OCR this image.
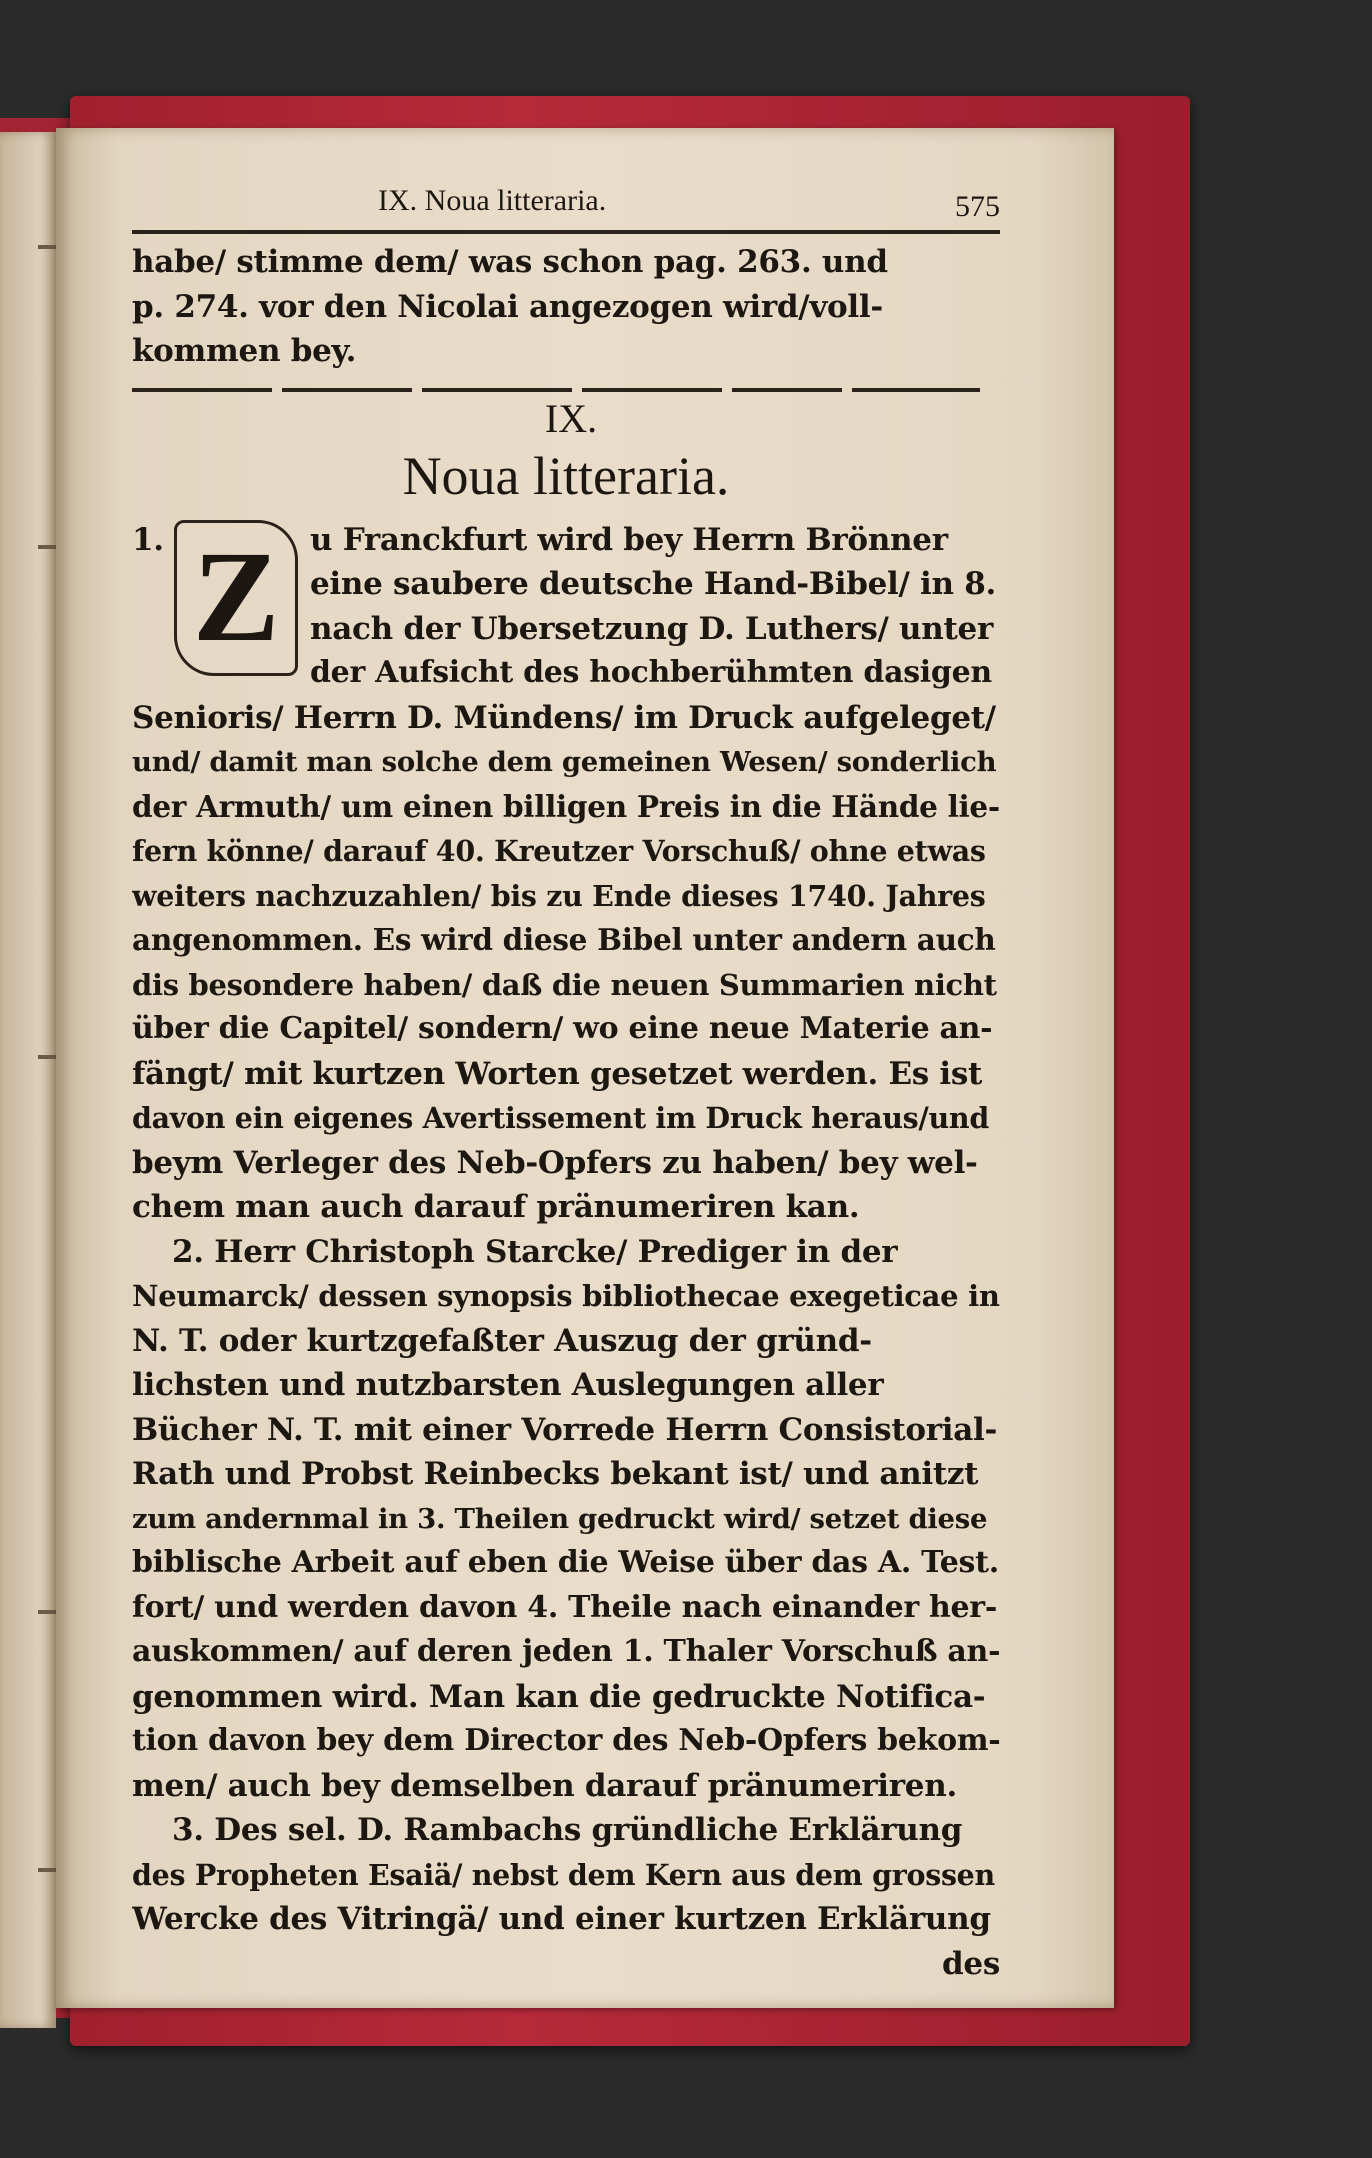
IX. Noua litteraria.	575
habe/ stimme dem/ was schon pag. 263. und
p. 274. vor den Nicolai angezogen wird/voll-
kommen bey.
IX.
Noua litteraria.
1. Z u Franckfurt wird bey Herrn Brönner
eine saubere deutsche Hand-Bibel/ in 8.
nach der Ubersetzung D. Luthers/ unter
der Aufsicht des hochberühmten dasigen
Senioris/ Herrn D. Mündens/ im Druck aufgeleget/
und/ damit man solche dem gemeinen Wesen/ sonderlich
der Armuth/ um einen billigen Preis in die Hände lie-
fern könne/ darauf 40. Kreutzer Vorschuß/ ohne etwas
weiters nachzuzahlen/ bis zu Ende dieses 1740. Jahres
angenommen. Es wird diese Bibel unter andern auch
dis besondere haben/ daß die neuen Summarien nicht
über die Capitel/ sondern/ wo eine neue Materie an-
fängt/ mit kurtzen Worten gesetzet werden. Es ist
davon ein eigenes Avertissement im Druck heraus/und
beym Verleger des Neb-Opfers zu haben/ bey wel-
chem man auch darauf pränumeriren kan.
2. Herr Christoph Starcke/ Prediger in der
Neumarck/ dessen synopsis bibliothecae exegeticae in
N. T. oder kurtzgefaßter Auszug der gründ-
lichsten und nutzbarsten Auslegungen aller
Bücher N. T. mit einer Vorrede Herrn Consistorial-
Rath und Probst Reinbecks bekant ist/ und anitzt
zum andernmal in 3. Theilen gedruckt wird/ setzet diese
biblische Arbeit auf eben die Weise über das A. Test.
fort/ und werden davon 4. Theile nach einander her-
auskommen/ auf deren jeden 1. Thaler Vorschuß an-
genommen wird. Man kan die gedruckte Notifica-
tion davon bey dem Director des Neb-Opfers bekom-
men/ auch bey demselben darauf pränumeriren.
3. Des sel. D. Rambachs gründliche Erklärung
des Propheten Esaiä/ nebst dem Kern aus dem grossen
Wercke des Vitringä/ und einer kurtzen Erklärung
des
